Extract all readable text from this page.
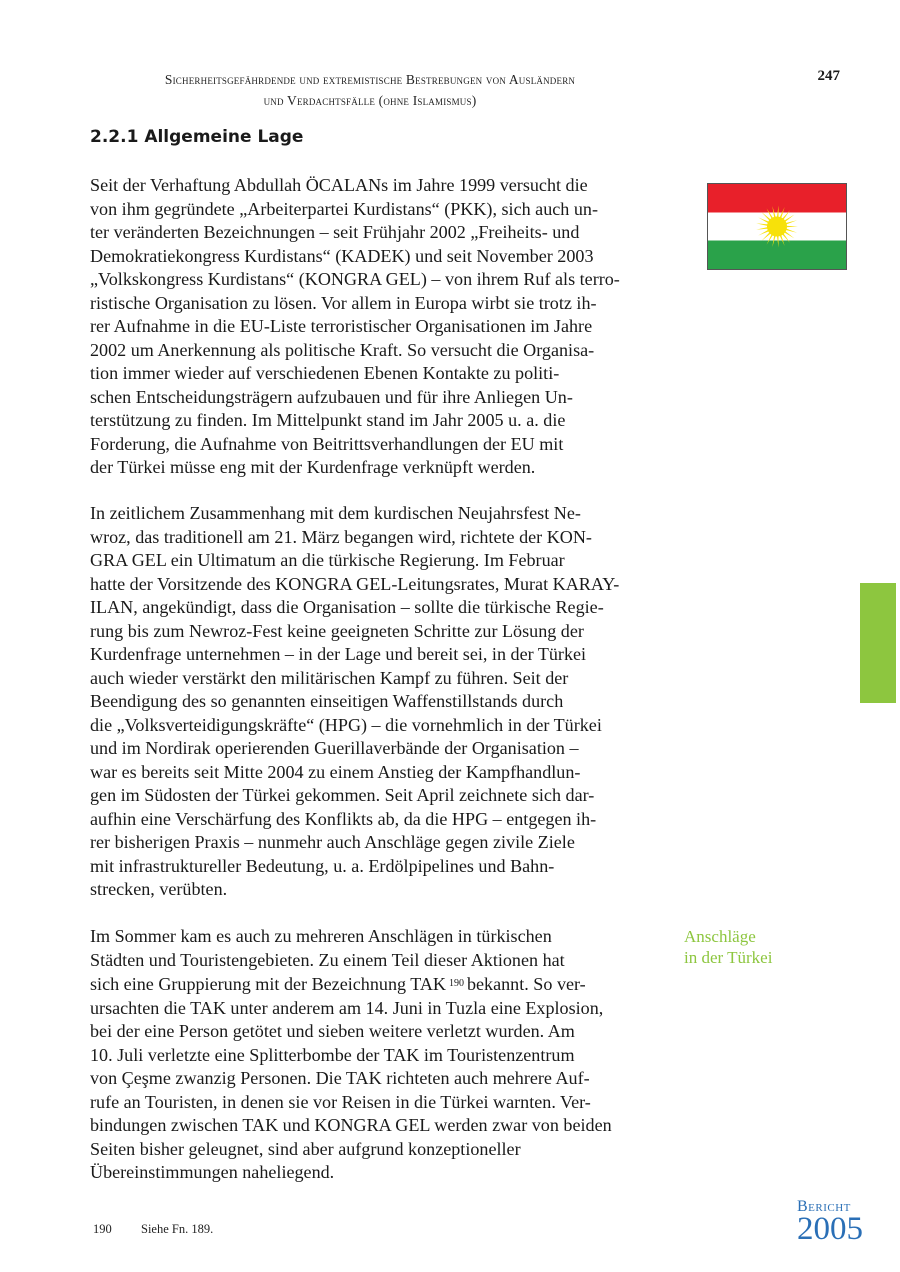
Sicherheitsgefährdende und extremistische Bestrebungen von Ausländern
und Verdachtsfälle (ohne Islamismus)
247
2.2.1 Allgemeine Lage

Seit der Verhaftung Abdullah ÖCALANs im Jahre 1999 versucht die
von ihm gegründete „Arbeiterpartei Kurdistans“ (PKK), sich auch un-
ter veränderten Bezeichnungen – seit Frühjahr 2002 „Freiheits- und
Demokratiekongress Kurdistans“ (KADEK) und seit November 2003
„Volkskongress Kurdistans“ (KONGRA GEL) – von ihrem Ruf als terro-
ristische Organisation zu lösen. Vor allem in Europa wirbt sie trotz ih-
rer Aufnahme in die EU-Liste terroristischer Organisationen im Jahre
2002 um Anerkennung als politische Kraft. So versucht die Organisa-
tion immer wieder auf verschiedenen Ebenen Kontakte zu politi-
schen Entscheidungsträgern aufzubauen und für ihre Anliegen Un-
terstützung zu finden. Im Mittelpunkt stand im Jahr 2005 u. a. die
Forderung, die Aufnahme von Beitrittsverhandlungen der EU mit
der Türkei müsse eng mit der Kurdenfrage verknüpft werden.

In zeitlichem Zusammenhang mit dem kurdischen Neujahrsfest Ne-
wroz, das traditionell am 21. März begangen wird, richtete der KON-
GRA GEL ein Ultimatum an die türkische Regierung. Im Februar
hatte der Vorsitzende des KONGRA GEL-Leitungsrates, Murat KARAY-
ILAN, angekündigt, dass die Organisation – sollte die türkische Regie-
rung bis zum Newroz-Fest keine geeigneten Schritte zur Lösung der
Kurdenfrage unternehmen – in der Lage und bereit sei, in der Türkei
auch wieder verstärkt den militärischen Kampf zu führen. Seit der
Beendigung des so genannten einseitigen Waffenstillstands durch
die „Volksverteidigungskräfte“ (HPG) – die vornehmlich in der Türkei
und im Nordirak operierenden Guerillaverbände der Organisation –
war es bereits seit Mitte 2004 zu einem Anstieg der Kampfhandlun-
gen im Südosten der Türkei gekommen. Seit April zeichnete sich dar-
aufhin eine Verschärfung des Konflikts ab, da die HPG – entgegen ih-
rer bisherigen Praxis – nunmehr auch Anschläge gegen zivile Ziele
mit infrastruktureller Bedeutung, u. a. Erdölpipelines und Bahn-
strecken, verübten.

Im Sommer kam es auch zu mehreren Anschlägen in türkischen
Städten und Touristengebieten. Zu einem Teil dieser Aktionen hat
sich eine Gruppierung mit der Bezeichnung TAK $^{190}$ bekannt. So ver-
ursachten die TAK unter anderem am 14. Juni in Tuzla eine Explosion,
bei der eine Person getötet und sieben weitere verletzt wurden. Am
10. Juli verletzte eine Splitterbombe der TAK im Touristenzentrum
von Çeşme zwanzig Personen. Die TAK richteten auch mehrere Auf-
rufe an Touristen, in denen sie vor Reisen in die Türkei warnten. Ver-
bindungen zwischen TAK und KONGRA GEL werden zwar von beiden
Seiten bisher geleugnet, sind aber aufgrund konzeptioneller
Übereinstimmungen naheliegend.

Anschläge
in der Türkei
190 Siehe Fn. 189.
Bericht
2005
